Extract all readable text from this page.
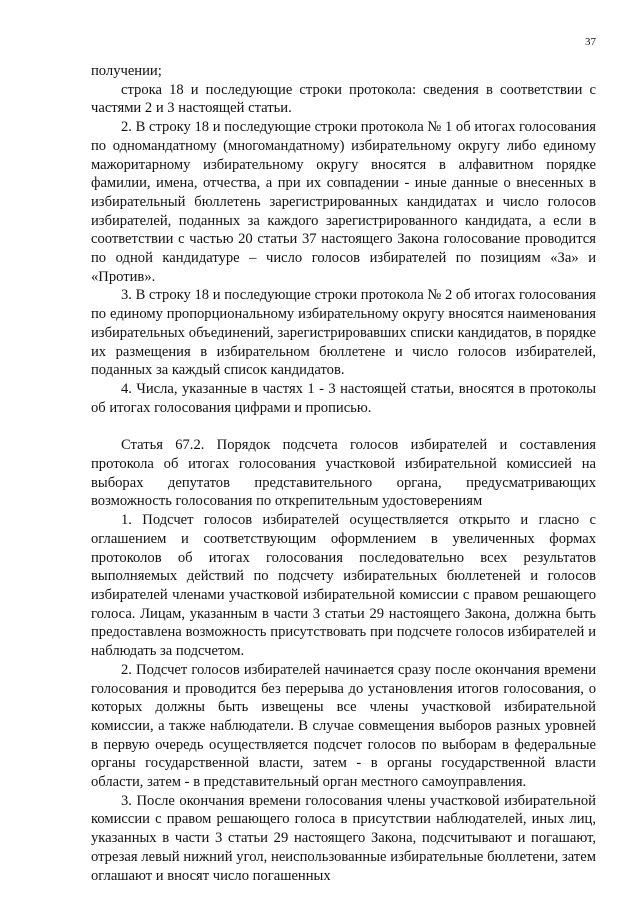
37

получении;

строка 18 и последующие строки протокола: сведения в соответствии с частями 2 и 3 настоящей статьи.

2. В строку 18 и последующие строки протокола № 1 об итогах голосования по одномандатному (многомандатному) избирательному округу либо единому мажоритарному избирательному округу вносятся в алфавитном порядке фамилии, имена, отчества, а при их совпадении - иные данные о внесенных в избирательный бюллетень зарегистрированных кандидатах и число голосов избирателей, поданных за каждого зарегистрированного кандидата, а если в соответствии с частью 20 статьи 37 настоящего Закона голосование проводится по одной кандидатуре – число голосов избирателей по позициям «За» и «Против».

3. В строку 18 и последующие строки протокола № 2 об итогах голосования по единому пропорциональному избирательному округу вносятся наименования избирательных объединений, зарегистрировавших списки кандидатов, в порядке их размещения в избирательном бюллетене и число голосов избирателей, поданных за каждый список кандидатов.

4. Числа, указанные в частях 1 - 3 настоящей статьи, вносятся в протоколы об итогах голосования цифрами и прописью.

Статья 67.2. Порядок подсчета голосов избирателей и составления протокола об итогах голосования участковой избирательной комиссией на выборах депутатов представительного органа, предусматривающих возможность голосования по открепительным удостоверениям

1. Подсчет голосов избирателей осуществляется открыто и гласно с оглашением и соответствующим оформлением в увеличенных формах протоколов об итогах голосования последовательно всех результатов выполняемых действий по подсчету избирательных бюллетеней и голосов избирателей членами участковой избирательной комиссии с правом решающего голоса. Лицам, указанным в части 3 статьи 29 настоящего Закона, должна быть предоставлена возможность присутствовать при подсчете голосов избирателей и наблюдать за подсчетом.

2. Подсчет голосов избирателей начинается сразу после окончания времени голосования и проводится без перерыва до установления итогов голосования, о которых должны быть извещены все члены участковой избирательной комиссии, а также наблюдатели. В случае совмещения выборов разных уровней в первую очередь осуществляется подсчет голосов по выборам в федеральные органы государственной власти, затем - в органы государственной власти области, затем - в представительный орган местного самоуправления.

3. После окончания времени голосования члены участковой избирательной комиссии с правом решающего голоса в присутствии наблюдателей, иных лиц, указанных в части 3 статьи 29 настоящего Закона, подсчитывают и погашают, отрезая левый нижний угол, неиспользованные избирательные бюллетени, затем оглашают и вносят число погашенных
